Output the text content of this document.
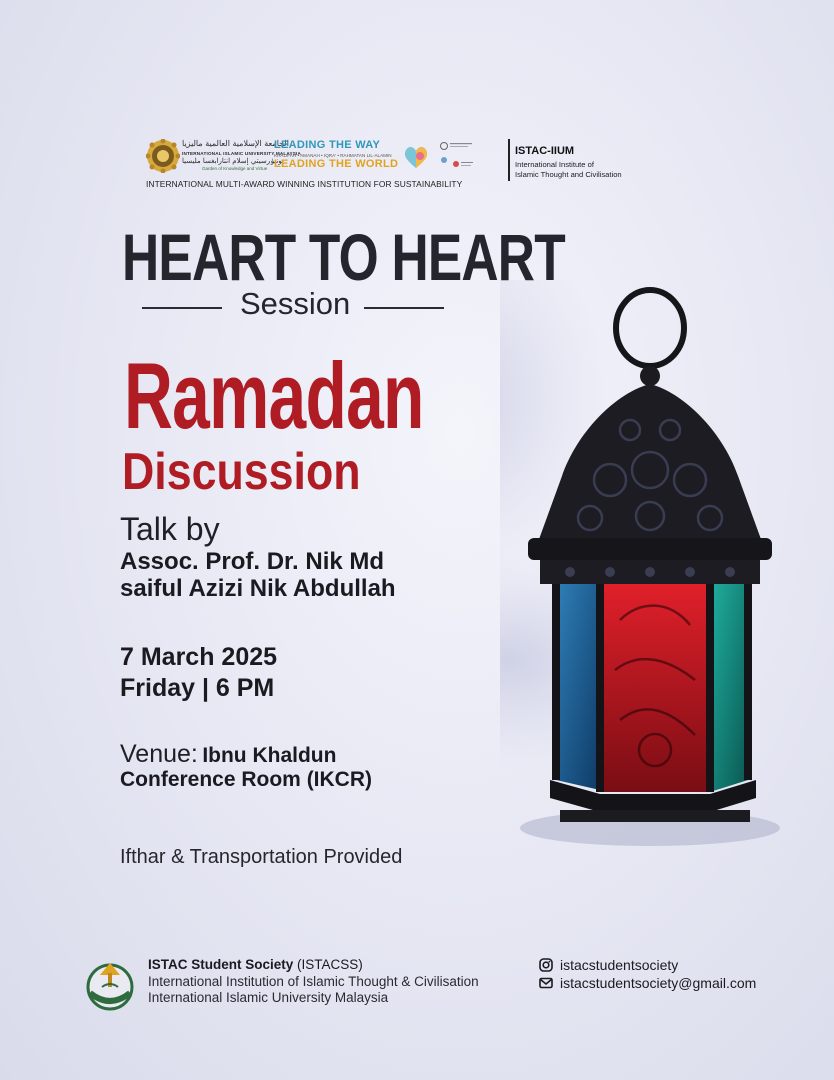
الجامعة الإسلامية العالمية ماليزيا
INTERNATIONAL ISLAMIC UNIVERSITY MALAYSIA
يونيۏرسيتي إسلام انتارابغسا مليسيا
Garden of Knowledge and Virtue
LEADING THE WAY
KHALIFAH • AMANAH • IQRA' • RAHMATAN LIL-ALAMIN
LEADING THE WORLD
INTERNATIONAL MULTI-AWARD WINNING INSTITUTION FOR SUSTAINABILITY
ISTAC-IIUM
International Institute of
Islamic Thought and Civilisation
HEART TO HEART
Session
Ramadan
Discussion
Talk by
Assoc. Prof. Dr. Nik Md
saiful Azizi Nik Abdullah
7 March 2025
Friday | 6 PM
Venue: Ibnu Khaldun
Conference Room (IKCR)
Ifthar & Transportation Provided
ISTAC Student Society (ISTACSS)
International Institution of Islamic Thought & Civilisation
International Islamic University Malaysia
istacstudentsociety
istacstudentsociety@gmail.com
